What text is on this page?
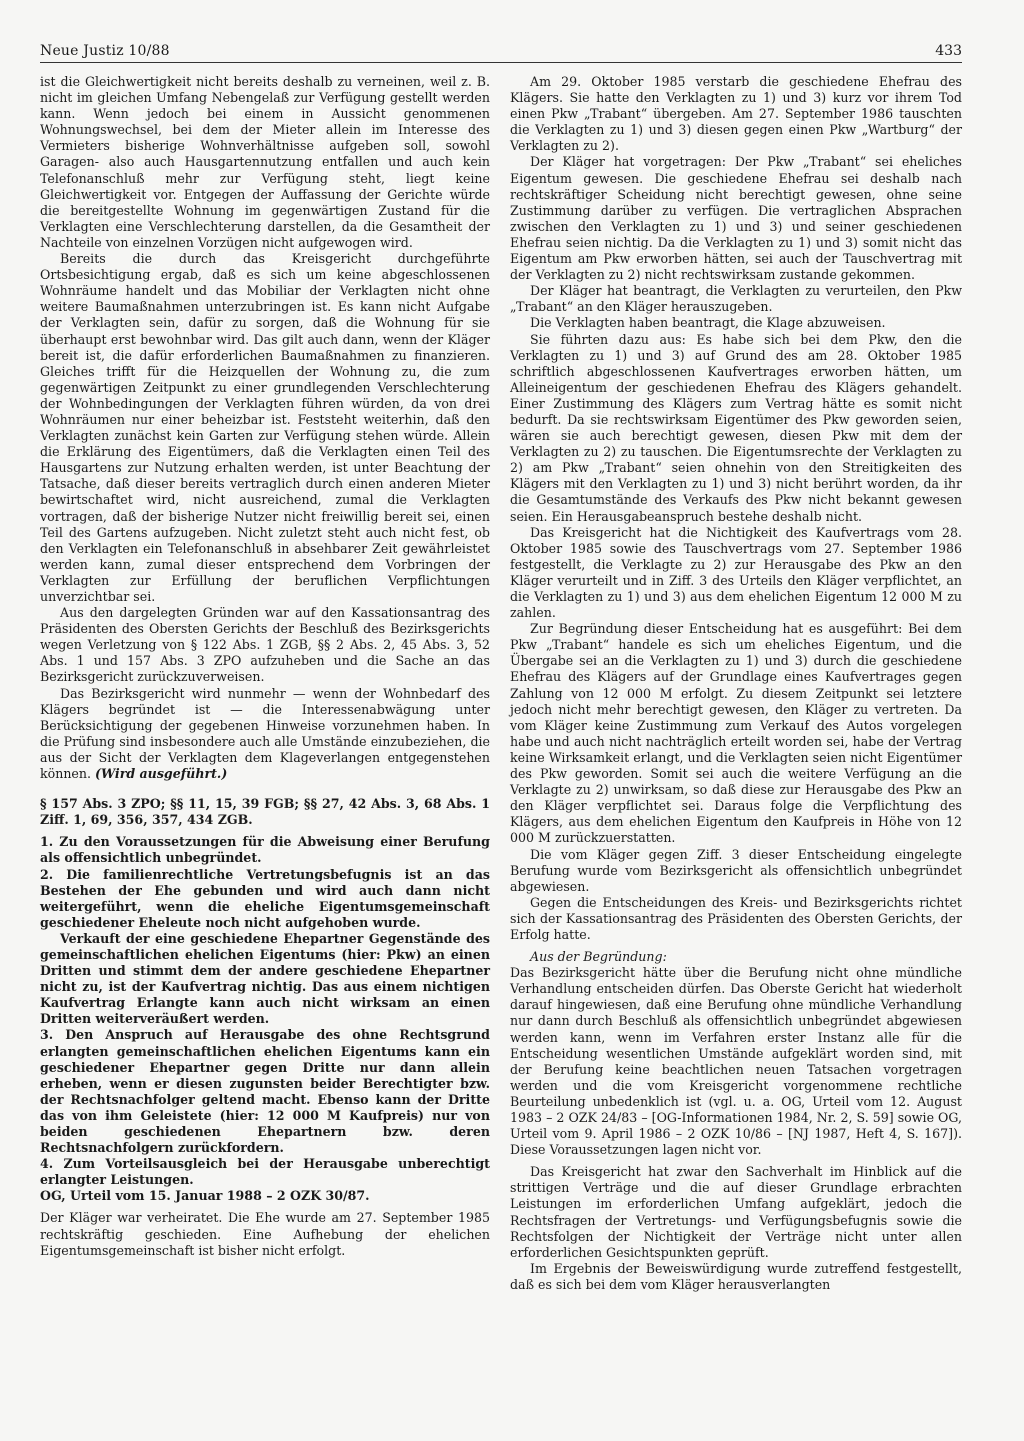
Neue Justiz 10/88	433

ist die Gleichwertigkeit nicht bereits deshalb zu verneinen, weil z. B. nicht im gleichen Umfang Nebengelaß zur Verfügung gestellt werden kann. Wenn jedoch bei einem in Aussicht genommenen Wohnungswechsel, bei dem der Mieter allein im Interesse des Vermieters bisherige Wohnverhältnisse aufgeben soll, sowohl Garagen- also auch Hausgartennutzung entfallen und auch kein Telefonanschluß mehr zur Verfügung steht, liegt keine Gleichwertigkeit vor. Entgegen der Auffassung der Gerichte würde die bereitgestellte Wohnung im gegenwärtigen Zustand für die Verklagten eine Verschlechterung darstellen, da die Gesamtheit der Nachteile von einzelnen Vorzügen nicht aufgewogen wird.

Bereits die durch das Kreisgericht durchgeführte Ortsbesichtigung ergab, daß es sich um keine abgeschlossenen Wohnräume handelt und das Mobiliar der Verklagten nicht ohne weitere Baumaßnahmen unterzubringen ist. Es kann nicht Aufgabe der Verklagten sein, dafür zu sorgen, daß die Wohnung für sie überhaupt erst bewohnbar wird. Das gilt auch dann, wenn der Kläger bereit ist, die dafür erforderlichen Baumaßnahmen zu finanzieren. Gleiches trifft für die Heizquellen der Wohnung zu, die zum gegenwärtigen Zeitpunkt zu einer grundlegenden Verschlechterung der Wohnbedingungen der Verklagten führen würden, da von drei Wohnräumen nur einer beheizbar ist. Feststeht weiterhin, daß den Verklagten zunächst kein Garten zur Verfügung stehen würde. Allein die Erklärung des Eigentümers, daß die Verklagten einen Teil des Hausgartens zur Nutzung erhalten werden, ist unter Beachtung der Tatsache, daß dieser bereits vertraglich durch einen anderen Mieter bewirtschaftet wird, nicht ausreichend, zumal die Verklagten vortragen, daß der bisherige Nutzer nicht freiwillig bereit sei, einen Teil des Gartens aufzugeben. Nicht zuletzt steht auch nicht fest, ob den Verklagten ein Telefonanschluß in absehbarer Zeit gewährleistet werden kann, zumal dieser entsprechend dem Vorbringen der Verklagten zur Erfüllung der beruflichen Verpflichtungen unverzichtbar sei.

Aus den dargelegten Gründen war auf den Kassationsantrag des Präsidenten des Obersten Gerichts der Beschluß des Bezirksgerichts wegen Verletzung von § 122 Abs. 1 ZGB, §§ 2 Abs. 2, 45 Abs. 3, 52 Abs. 1 und 157 Abs. 3 ZPO aufzuheben und die Sache an das Bezirksgericht zurückzuverweisen.

Das Bezirksgericht wird nunmehr — wenn der Wohnbedarf des Klägers begründet ist — die Interessenabwägung unter Berücksichtigung der gegebenen Hinweise vorzunehmen haben. In die Prüfung sind insbesondere auch alle Umstände einzubeziehen, die aus der Sicht der Verklagten dem Klageverlangen entgegenstehen können. (Wird ausgeführt.)

§ 157 Abs. 3 ZPO; §§ 11, 15, 39 FGB; §§ 27, 42 Abs. 3, 68 Abs. 1 Ziff. 1, 69, 356, 357, 434 ZGB.

1. Zu den Voraussetzungen für die Abweisung einer Berufung als offensichtlich unbegründet.

2. Die familienrechtliche Vertretungsbefugnis ist an das Bestehen der Ehe gebunden und wird auch dann nicht weitergeführt, wenn die eheliche Eigentumsgemeinschaft geschiedener Eheleute noch nicht aufgehoben wurde.

Verkauft der eine geschiedene Ehepartner Gegenstände des gemeinschaftlichen ehelichen Eigentums (hier: Pkw) an einen Dritten und stimmt dem der andere geschiedene Ehepartner nicht zu, ist der Kaufvertrag nichtig. Das aus einem nichtigen Kaufvertrag Erlangte kann auch nicht wirksam an einen Dritten weiterveräußert werden.

3. Den Anspruch auf Herausgabe des ohne Rechtsgrund erlangten gemeinschaftlichen ehelichen Eigentums kann ein geschiedener Ehepartner gegen Dritte nur dann allein erheben, wenn er diesen zugunsten beider Berechtigter bzw. der Rechtsnachfolger geltend macht. Ebenso kann der Dritte das von ihm Geleistete (hier: 12 000 M Kaufpreis) nur von beiden geschiedenen Ehepartnern bzw. deren Rechtsnachfolgern zurückfordern.

4. Zum Vorteilsausgleich bei der Herausgabe unberechtigt erlangter Leistungen.

OG, Urteil vom 15. Januar 1988 – 2 OZK 30/87.

Der Kläger war verheiratet. Die Ehe wurde am 27. September 1985 rechtskräftig geschieden. Eine Aufhebung der ehelichen Eigentumsgemeinschaft ist bisher nicht erfolgt.

Am 29. Oktober 1985 verstarb die geschiedene Ehefrau des Klägers. Sie hatte den Verklagten zu 1) und 3) kurz vor ihrem Tod einen Pkw „Trabant“ übergeben. Am 27. September 1986 tauschten die Verklagten zu 1) und 3) diesen gegen einen Pkw „Wartburg“ der Verklagten zu 2).

Der Kläger hat vorgetragen: Der Pkw „Trabant“ sei eheliches Eigentum gewesen. Die geschiedene Ehefrau sei deshalb nach rechtskräftiger Scheidung nicht berechtigt gewesen, ohne seine Zustimmung darüber zu verfügen. Die vertraglichen Absprachen zwischen den Verklagten zu 1) und 3) und seiner geschiedenen Ehefrau seien nichtig. Da die Verklagten zu 1) und 3) somit nicht das Eigentum am Pkw erworben hätten, sei auch der Tauschvertrag mit der Verklagten zu 2) nicht rechtswirksam zustande gekommen.

Der Kläger hat beantragt, die Verklagten zu verurteilen, den Pkw „Trabant“ an den Kläger herauszugeben.

Die Verklagten haben beantragt, die Klage abzuweisen.

Sie führten dazu aus: Es habe sich bei dem Pkw, den die Verklagten zu 1) und 3) auf Grund des am 28. Oktober 1985 schriftlich abgeschlossenen Kaufvertrages erworben hätten, um Alleineigentum der geschiedenen Ehefrau des Klägers gehandelt. Einer Zustimmung des Klägers zum Vertrag hätte es somit nicht bedurft. Da sie rechtswirksam Eigentümer des Pkw geworden seien, wären sie auch berechtigt gewesen, diesen Pkw mit dem der Verklagten zu 2) zu tauschen. Die Eigentumsrechte der Verklagten zu 2) am Pkw „Trabant“ seien ohnehin von den Streitigkeiten des Klägers mit den Verklagten zu 1) und 3) nicht berührt worden, da ihr die Gesamtumstände des Verkaufs des Pkw nicht bekannt gewesen seien. Ein Herausgabeanspruch bestehe deshalb nicht.

Das Kreisgericht hat die Nichtigkeit des Kaufvertrags vom 28. Oktober 1985 sowie des Tauschvertrags vom 27. September 1986 festgestellt, die Verklagte zu 2) zur Herausgabe des Pkw an den Kläger verurteilt und in Ziff. 3 des Urteils den Kläger verpflichtet, an die Verklagten zu 1) und 3) aus dem ehelichen Eigentum 12 000 M zu zahlen.

Zur Begründung dieser Entscheidung hat es ausgeführt: Bei dem Pkw „Trabant“ handele es sich um eheliches Eigentum, und die Übergabe sei an die Verklagten zu 1) und 3) durch die geschiedene Ehefrau des Klägers auf der Grundlage eines Kaufvertrages gegen Zahlung von 12 000 M erfolgt. Zu diesem Zeitpunkt sei letztere jedoch nicht mehr berechtigt gewesen, den Kläger zu vertreten. Da vom Kläger keine Zustimmung zum Verkauf des Autos vorgelegen habe und auch nicht nachträglich erteilt worden sei, habe der Vertrag keine Wirksamkeit erlangt, und die Verklagten seien nicht Eigentümer des Pkw geworden. Somit sei auch die weitere Verfügung an die Verklagte zu 2) unwirksam, so daß diese zur Herausgabe des Pkw an den Kläger verpflichtet sei. Daraus folge die Verpflichtung des Klägers, aus dem ehelichen Eigentum den Kaufpreis in Höhe von 12 000 M zurückzuerstatten.

Die vom Kläger gegen Ziff. 3 dieser Entscheidung eingelegte Berufung wurde vom Bezirksgericht als offensichtlich unbegründet abgewiesen.

Gegen die Entscheidungen des Kreis- und Bezirksgerichts richtet sich der Kassationsantrag des Präsidenten des Obersten Gerichts, der Erfolg hatte.

Aus der Begründung:

Das Bezirksgericht hätte über die Berufung nicht ohne mündliche Verhandlung entscheiden dürfen. Das Oberste Gericht hat wiederholt darauf hingewiesen, daß eine Berufung ohne mündliche Verhandlung nur dann durch Beschluß als offensichtlich unbegründet abgewiesen werden kann, wenn im Verfahren erster Instanz alle für die Entscheidung wesentlichen Umstände aufgeklärt worden sind, mit der Berufung keine beachtlichen neuen Tatsachen vorgetragen werden und die vom Kreisgericht vorgenommene rechtliche Beurteilung unbedenklich ist (vgl. u. a. OG, Urteil vom 12. August 1983 – 2 OZK 24/83 – [OG-Informationen 1984, Nr. 2, S. 59] sowie OG, Urteil vom 9. April 1986 – 2 OZK 10/86 – [NJ 1987, Heft 4, S. 167]). Diese Voraussetzungen lagen nicht vor.

Das Kreisgericht hat zwar den Sachverhalt im Hinblick auf die strittigen Verträge und die auf dieser Grundlage erbrachten Leistungen im erforderlichen Umfang aufgeklärt, jedoch die Rechtsfragen der Vertretungs- und Verfügungsbefugnis sowie die Rechtsfolgen der Nichtigkeit der Verträge nicht unter allen erforderlichen Gesichtspunkten geprüft.

Im Ergebnis der Beweiswürdigung wurde zutreffend festgestellt, daß es sich bei dem vom Kläger herausverlangten
